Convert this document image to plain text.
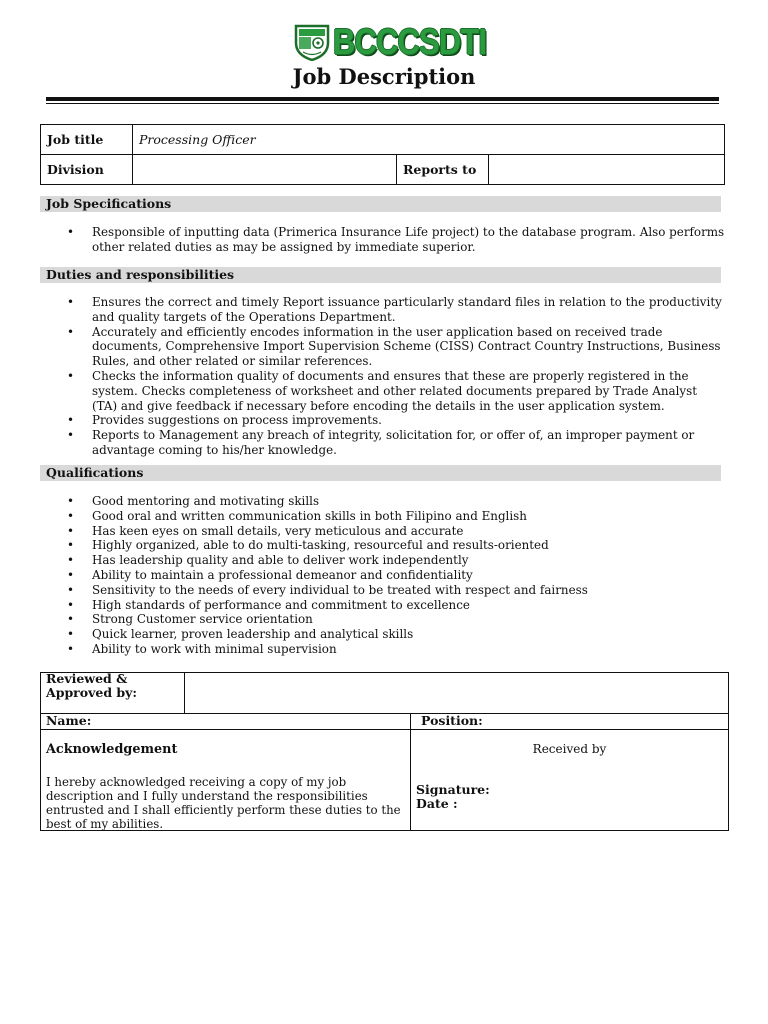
BCCCSDTI
Job Description
Job title	Processing Officer		
Division		Reports to	
Job Specifications
• Responsible of inputting data (Primerica Insurance Life project) to the database program. Also performs other related duties as may be assigned by immediate superior.
Duties and responsibilities
• Ensures the correct and timely Report issuance particularly standard files in relation to the productivity and quality targets of the Operations Department.
• Accurately and efficiently encodes information in the user application based on received trade documents, Comprehensive Import Supervision Scheme (CISS) Contract Country Instructions, Business Rules, and other related or similar references.
• Checks the information quality of documents and ensures that these are properly registered in the system. Checks completeness of worksheet and other related documents prepared by Trade Analyst (TA) and give feedback if necessary before encoding the details in the user application system.
• Provides suggestions on process improvements.
• Reports to Management any breach of integrity, solicitation for, or offer of, an improper payment or advantage coming to his/her knowledge.
Qualifications
• Good mentoring and motivating skills
• Good oral and written communication skills in both Filipino and English
• Has keen eyes on small details, very meticulous and accurate
• Highly organized, able to do multi-tasking, resourceful and results-oriented
• Has leadership quality and able to deliver work independently
• Ability to maintain a professional demeanor and confidentiality
• Sensitivity to the needs of every individual to be treated with respect and fairness
• High standards of performance and commitment to excellence
• Strong Customer service orientation
• Quick learner, proven leadership and analytical skills
• Ability to work with minimal supervision
Reviewed &
Approved by:
Name:	Position:
Acknowledgement
I hereby acknowledged receiving a copy of my job description and I fully understand the responsibilities entrusted and I shall efficiently perform these duties to the best of my abilities.
Received by
Signature:
Date :
